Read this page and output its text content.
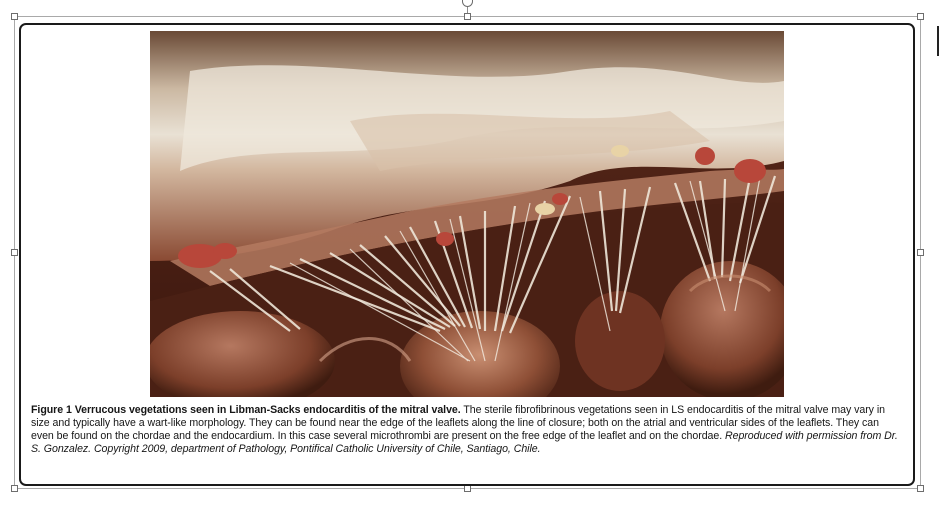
Figure 1 Verrucous vegetations seen in Libman-Sacks endocarditis of the mitral valve. The sterile fibrofibrinous vegetations seen in LS endocarditis of the mitral valve may vary in size and typically have a wart-like morphology. They can be found near the edge of the leaflets along the line of closure; both on the atrial and ventricular sides of the leaflets. They can even be found on the chordae and the endocardium. In this case several microthrombi are present on the free edge of the leaflet and on the chordae. Reproduced with permission from Dr. S. Gonzalez. Copyright 2009, department of Pathology, Pontifical Catholic University of Chile, Santiago, Chile.
